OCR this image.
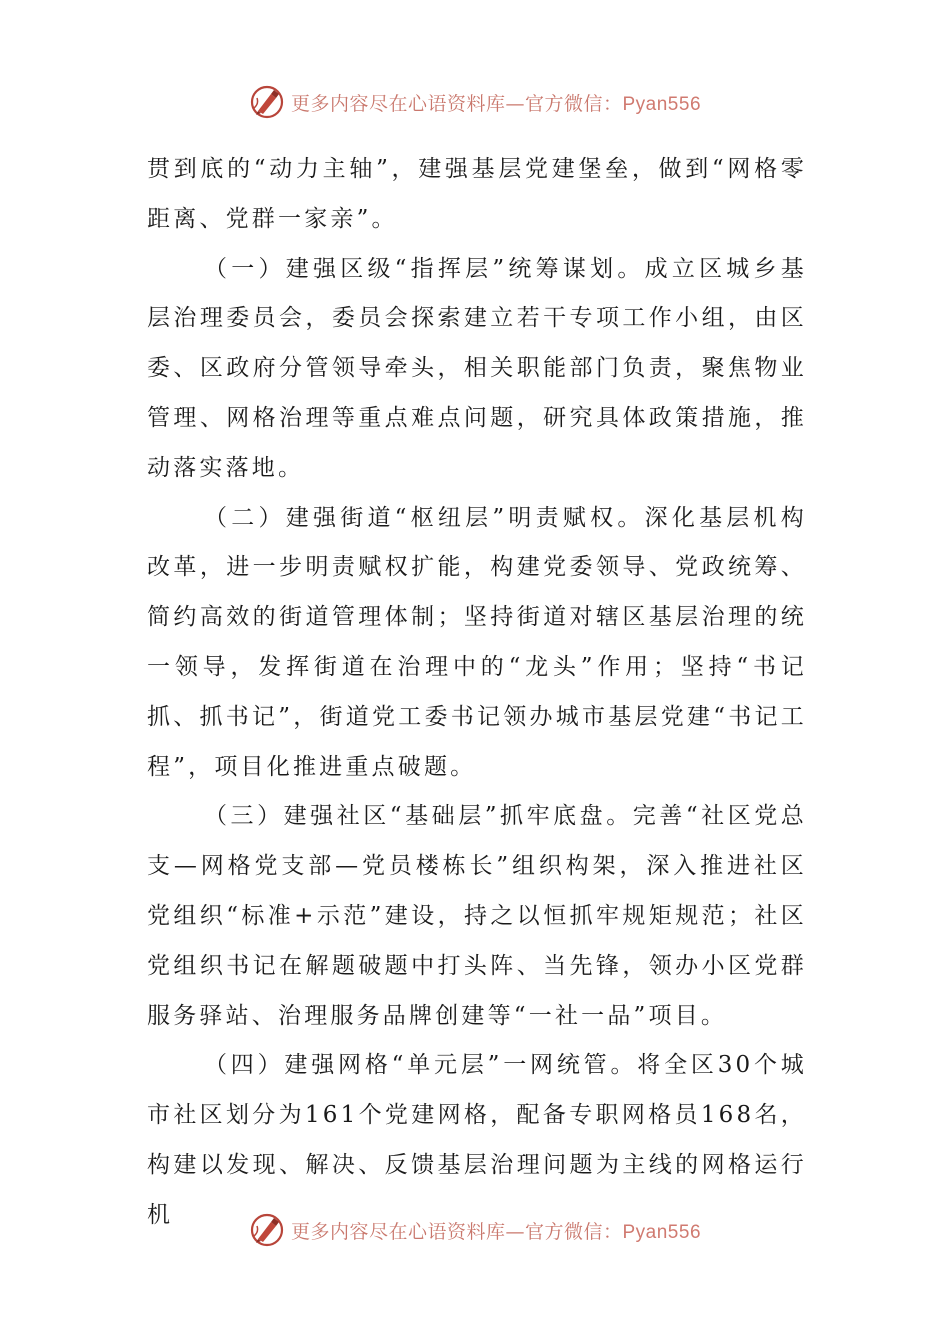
更多内容尽在心语资料库—官方微信：Pyan556

贯到底的“动力主轴”，建强基层党建堡垒，做到“网格零距离、党群一家亲”。

（一）建强区级“指挥层”统筹谋划。成立区城乡基层治理委员会，委员会探索建立若干专项工作小组，由区委、区政府分管领导牵头，相关职能部门负责，聚焦物业管理、网格治理等重点难点问题，研究具体政策措施，推动落实落地。

（二）建强街道“枢纽层”明责赋权。深化基层机构改革，进一步明责赋权扩能，构建党委领导、党政统筹、简约高效的街道管理体制；坚持街道对辖区基层治理的统一领导，发挥街道在治理中的“龙头”作用；坚持“书记抓、抓书记”，街道党工委书记领办城市基层党建“书记工程”，项目化推进重点破题。

（三）建强社区“基础层”抓牢底盘。完善“社区党总支—网格党支部—党员楼栋长”组织构架，深入推进社区党组织“标准+示范”建设，持之以恒抓牢规矩规范；社区党组织书记在解题破题中打头阵、当先锋，领办小区党群服务驿站、治理服务品牌创建等“一社一品”项目。

（四）建强网格“单元层”一网统管。将全区30个城市社区划分为161个党建网格，配备专职网格员168名，构建以发现、解决、反馈基层治理问题为主线的网格运行机

更多内容尽在心语资料库—官方微信：Pyan556
